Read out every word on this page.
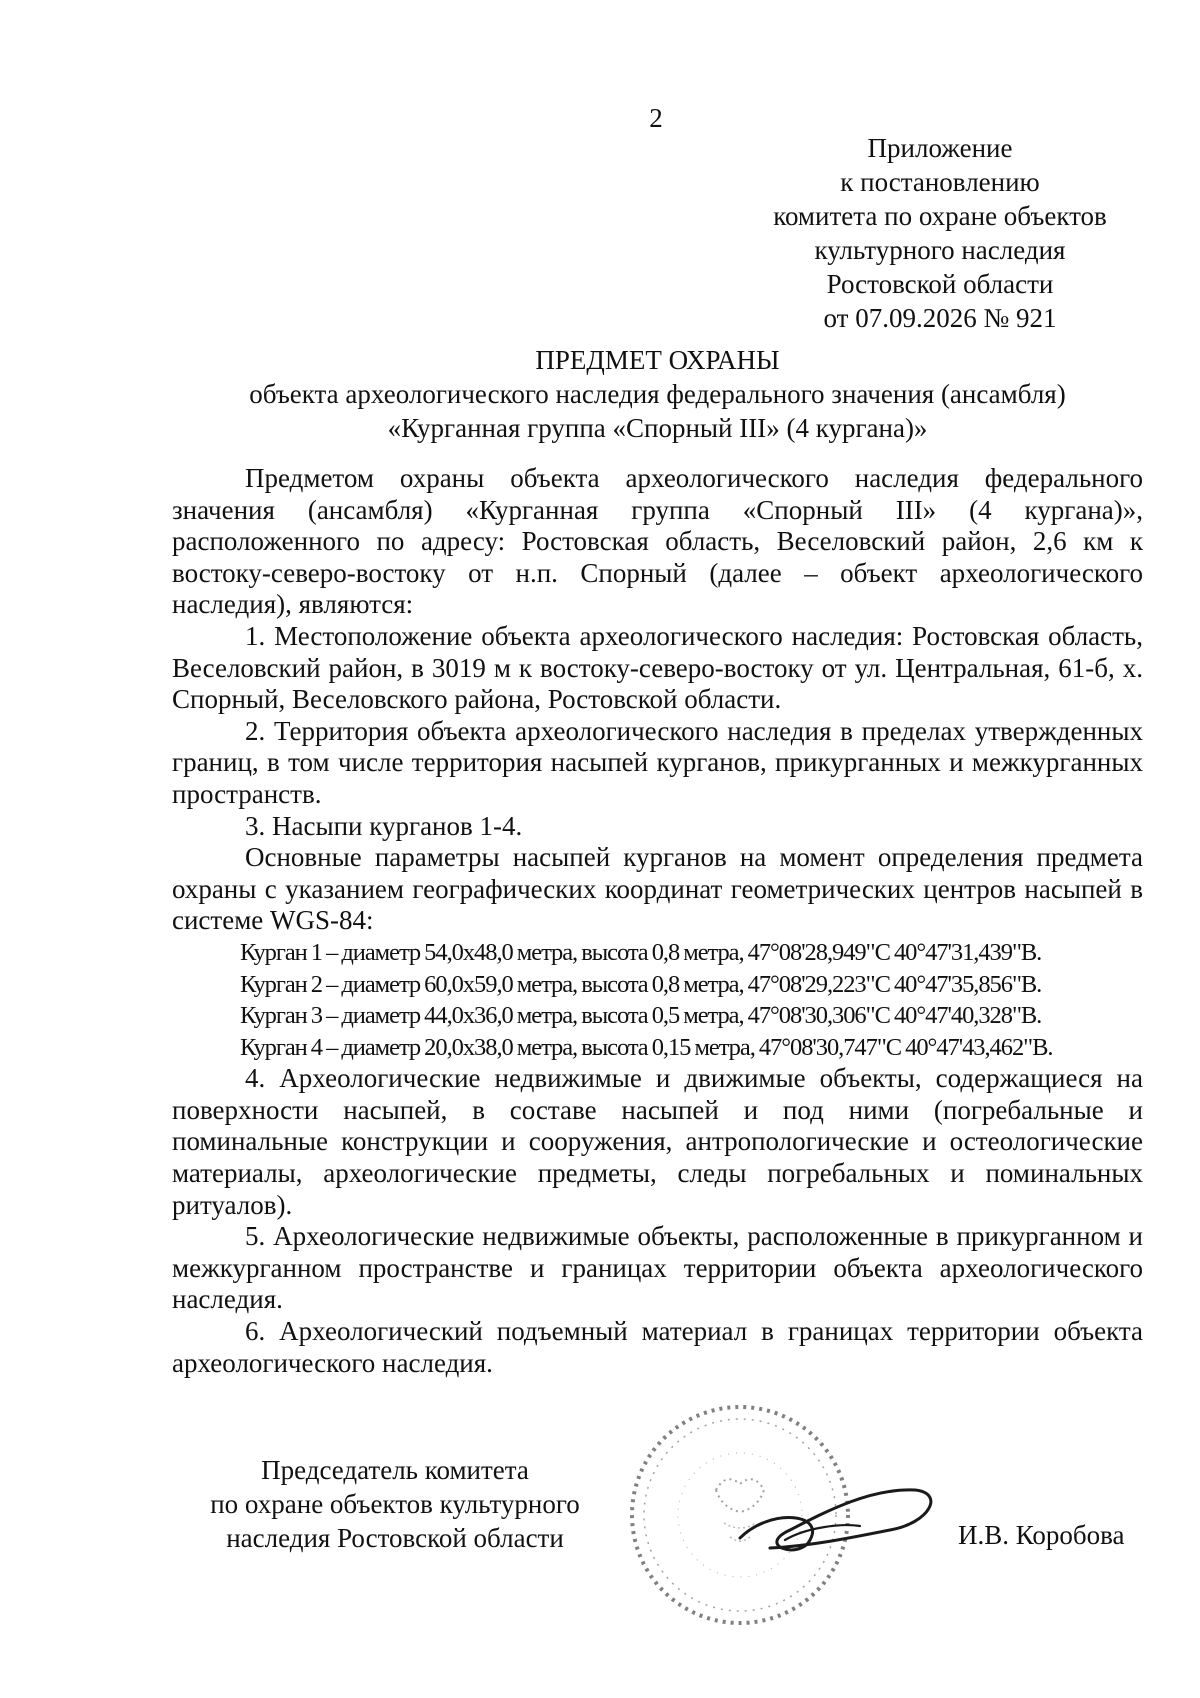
2
Приложение
к постановлению
комитета по охране объектов
культурного наследия
Ростовской области
от 07.09.2026 № 921
ПРЕДМЕТ ОХРАНЫ
объекта археологического наследия федерального значения (ансамбля)
«Курганная группа «Спорный III» (4 кургана)»

Предметом охраны объекта археологического наследия федерального значения (ансамбля) «Курганная группа «Спорный III» (4 кургана)», расположенного по адресу: Ростовская область, Веселовский район, 2,6 км к востоку-северо-востоку от н.п. Спорный (далее – объект археологического наследия), являются:

1. Местоположение объекта археологического наследия: Ростовская область, Веселовский район, в 3019 м к востоку-северо-востоку от ул. Центральная, 61-б, х. Спорный, Веселовского района, Ростовской области.

2. Территория объекта археологического наследия в пределах утвержденных границ, в том числе территория насыпей курганов, прикурганных и межкурганных пространств.

3. Насыпи курганов 1-4.

Основные параметры насыпей курганов на момент определения предмета охраны с указанием географических координат геометрических центров насыпей в системе WGS-84:

Курган 1 – диаметр 54,0х48,0 метра, высота 0,8 метра, 47°08'28,949"С 40°47'31,439"В.
Курган 2 – диаметр 60,0х59,0 метра, высота 0,8 метра, 47°08'29,223"С 40°47'35,856"В.
Курган 3 – диаметр 44,0х36,0 метра, высота 0,5 метра, 47°08'30,306"С 40°47'40,328"В.
Курган 4 – диаметр 20,0х38,0 метра, высота 0,15 метра, 47°08'30,747"С 40°47'43,462"В.

4. Археологические недвижимые и движимые объекты, содержащиеся на поверхности насыпей, в составе насыпей и под ними (погребальные и поминальные конструкции и сооружения, антропологические и остеологические материалы, археологические предметы, следы погребальных и поминальных ритуалов).

5. Археологические недвижимые объекты, расположенные в прикурганном и межкурганном пространстве и границах территории объекта археологического наследия.

6. Археологический подъемный материал в границах территории объекта археологического наследия.

Председатель комитета
по охране объектов культурного
наследия Ростовской области	И.В. Коробова
